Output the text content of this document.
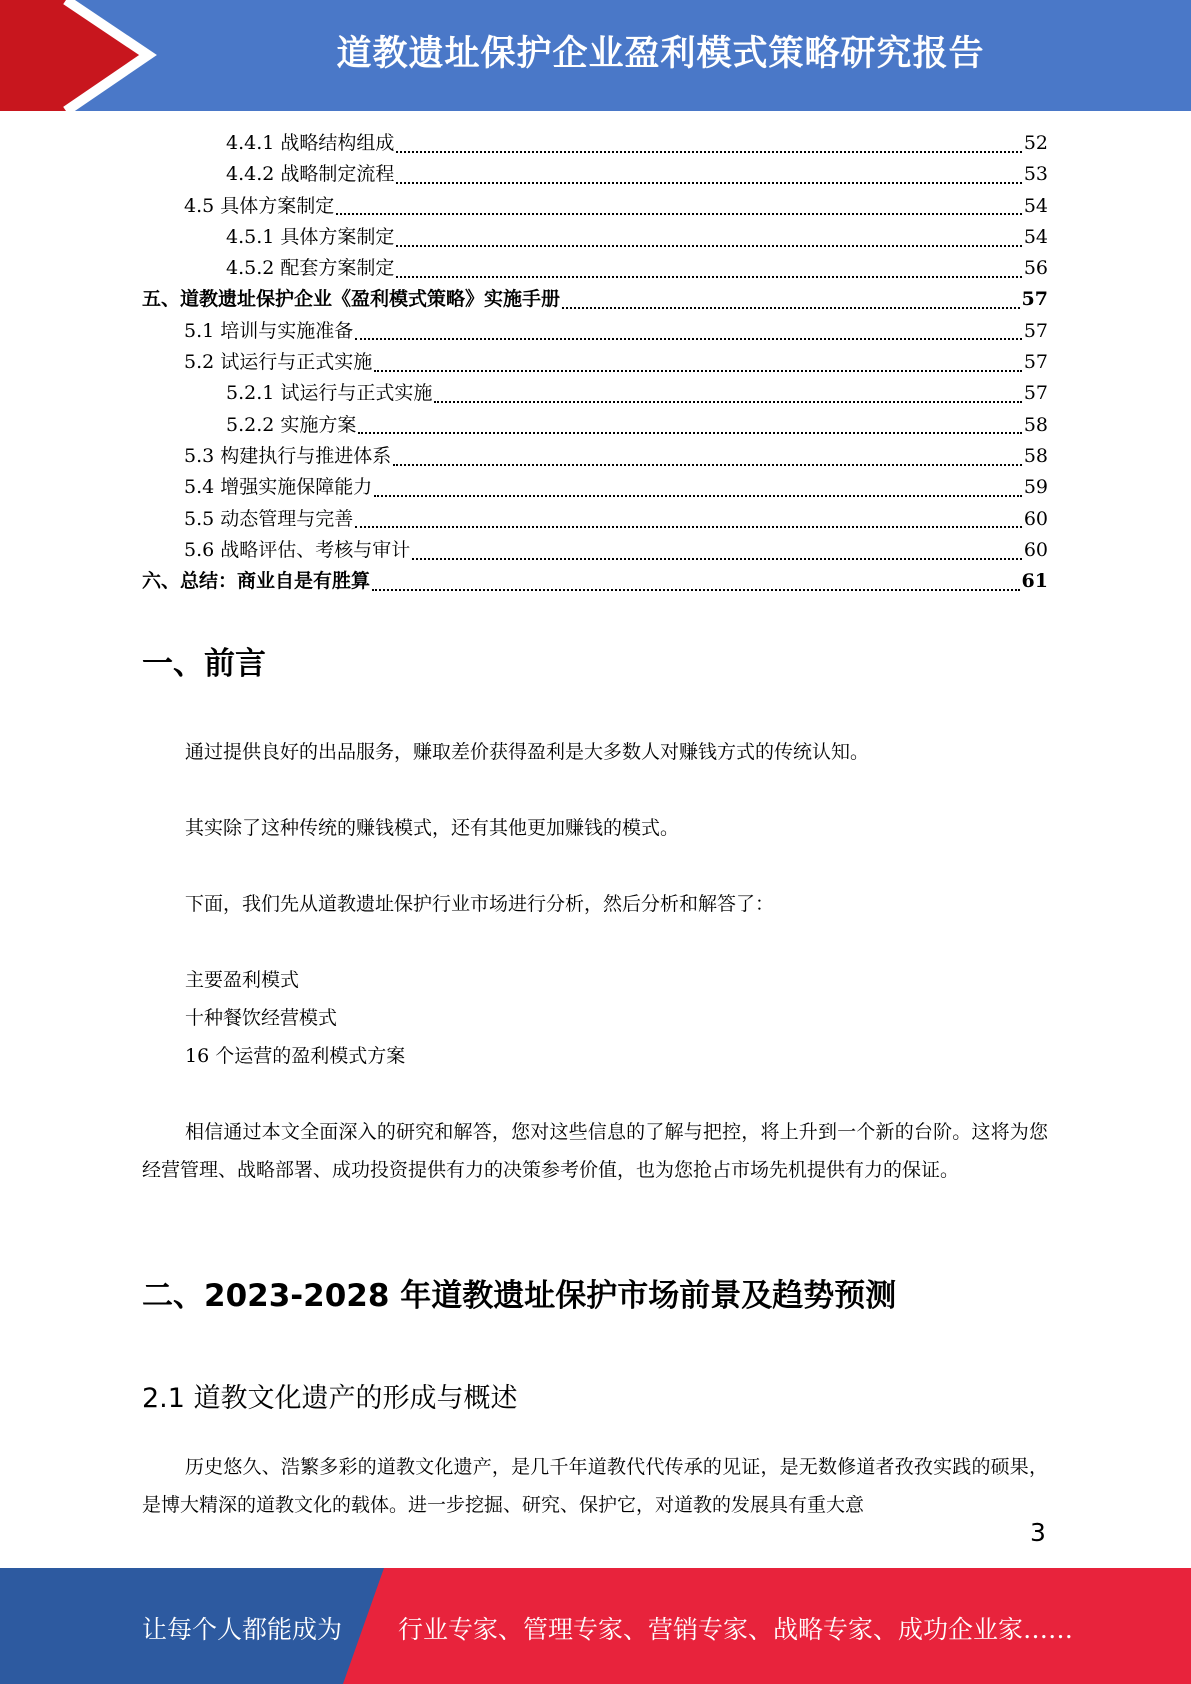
道教遗址保护企业盈利模式策略研究报告
4.4.1 战略结构组成	52
4.4.2 战略制定流程	53
4.5 具体方案制定	54
4.5.1 具体方案制定	54
4.5.2 配套方案制定	56
五、道教遗址保护企业《盈利模式策略》实施手册	57
5.1 培训与实施准备	57
5.2 试运行与正式实施	57
5.2.1 试运行与正式实施	57
5.2.2 实施方案	58
5.3 构建执行与推进体系	58
5.4 增强实施保障能力	59
5.5 动态管理与完善	60
5.6 战略评估、考核与审计	60
六、总结：商业自是有胜算	61
一、前言
通过提供良好的出品服务，赚取差价获得盈利是大多数人对赚钱方式的传统认知。
其实除了这种传统的赚钱模式，还有其他更加赚钱的模式。
下面，我们先从道教遗址保护行业市场进行分析，然后分析和解答了：
主要盈利模式
十种餐饮经营模式
16 个运营的盈利模式方案
相信通过本文全面深入的研究和解答，您对这些信息的了解与把控，将上升到一个新的台阶。这将为您经营管理、战略部署、成功投资提供有力的决策参考价值，也为您抢占市场先机提供有力的保证。
二、2023-2028 年道教遗址保护市场前景及趋势预测
2.1 道教文化遗产的形成与概述
历史悠久、浩繁多彩的道教文化遗产，是几千年道教代代传承的见证，是无数修道者孜孜实践的硕果，是博大精深的道教文化的载体。进一步挖掘、研究、保护它，对道教的发展具有重大意
3
让每个人都能成为 行业专家、管理专家、营销专家、战略专家、成功企业家……
